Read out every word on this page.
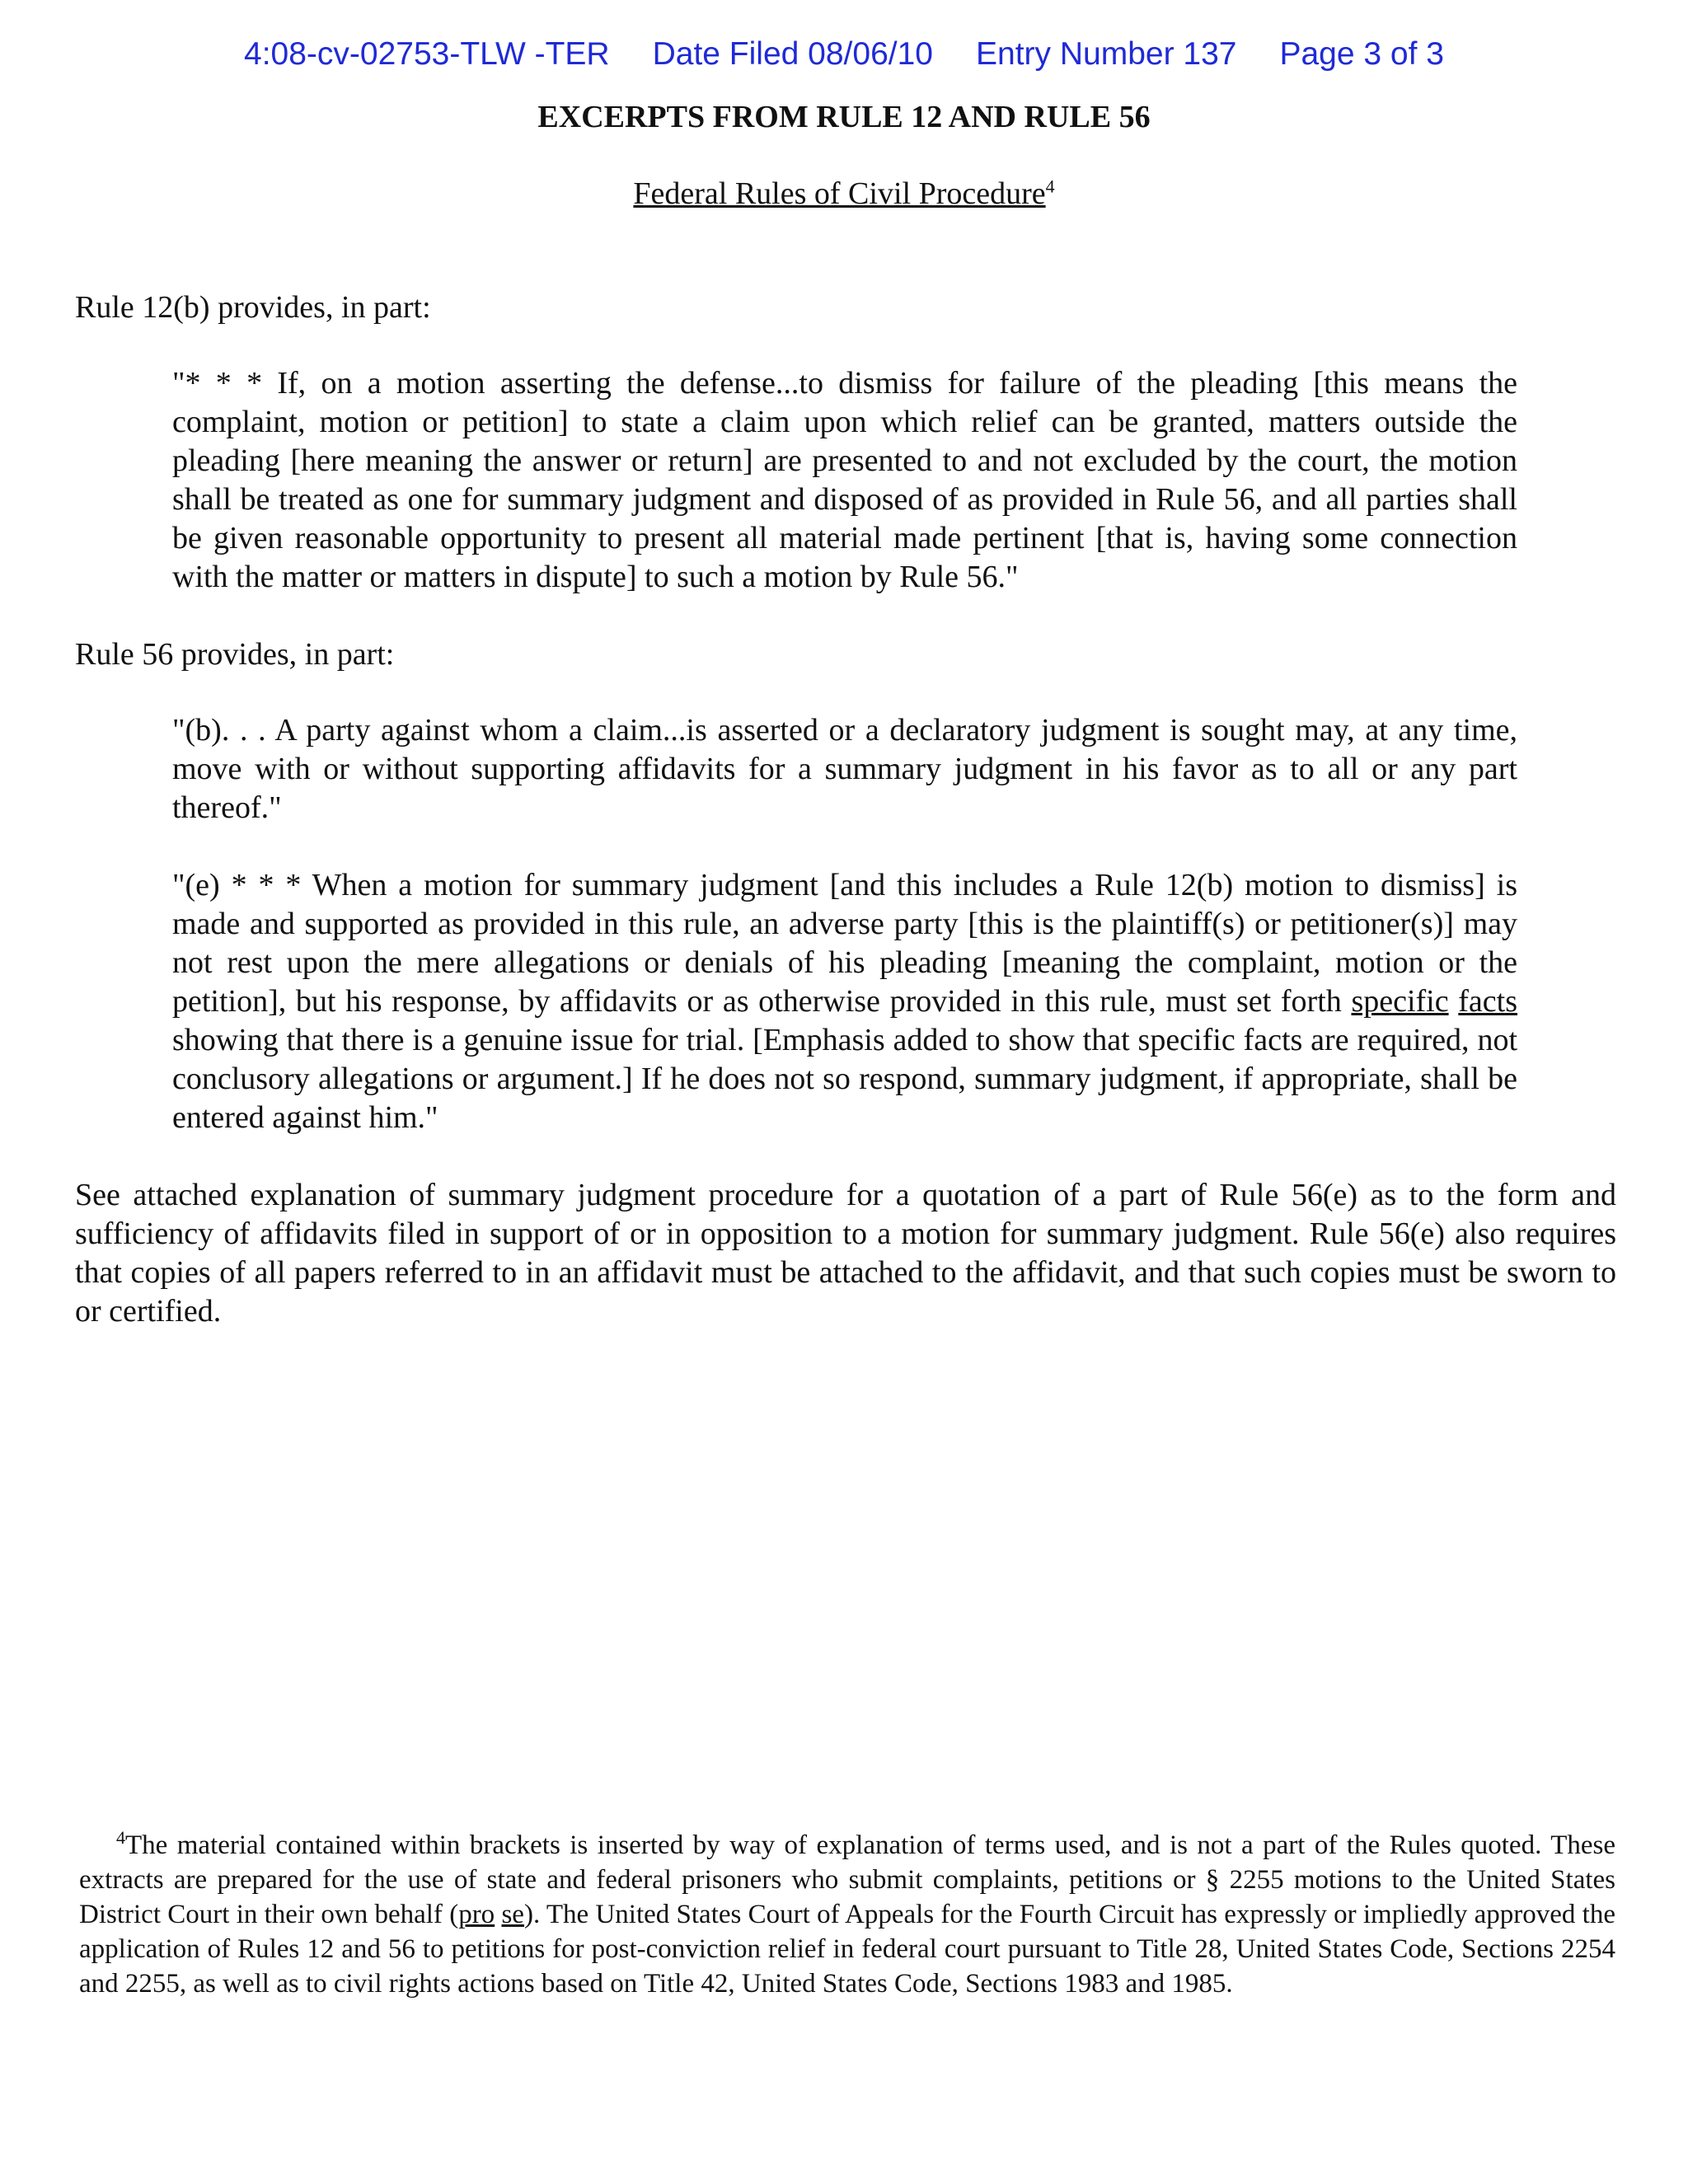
4:08-cv-02753-TLW -TER Date Filed 08/06/10 Entry Number 137 Page 3 of 3
EXCERPTS FROM RULE 12 AND RULE 56
Federal Rules of Civil Procedure$^4$
Rule 12(b) provides, in part:
"* * * If, on a motion asserting the defense...to dismiss for failure of the pleading [this means the complaint, motion or petition] to state a claim upon which relief can be granted, matters outside the pleading [here meaning the answer or return] are presented to and not excluded by the court, the motion shall be treated as one for summary judgment and disposed of as provided in Rule 56, and all parties shall be given reasonable opportunity to present all material made pertinent [that is, having some connection with the matter or matters in dispute] to such a motion by Rule 56."
Rule 56 provides, in part:
"(b). . . A party against whom a claim...is asserted or a declaratory judgment is sought may, at any time, move with or without supporting affidavits for a summary judgment in his favor as to all or any part thereof."
"(e) * * * When a motion for summary judgment [and this includes a Rule 12(b) motion to dismiss] is made and supported as provided in this rule, an adverse party [this is the plaintiff(s) or petitioner(s)] may not rest upon the mere allegations or denials of his pleading [meaning the complaint, motion or the petition], but his response, by affidavits or as otherwise provided in this rule, must set forth specific facts showing that there is a genuine issue for trial. [Emphasis added to show that specific facts are required, not conclusory allegations or argument.] If he does not so respond, summary judgment, if appropriate, shall be entered against him."
See attached explanation of summary judgment procedure for a quotation of a part of Rule 56(e) as to the form and sufficiency of affidavits filed in support of or in opposition to a motion for summary judgment. Rule 56(e) also requires that copies of all papers referred to in an affidavit must be attached to the affidavit, and that such copies must be sworn to or certified.
$^4$The material contained within brackets is inserted by way of explanation of terms used, and is not a part of the Rules quoted. These extracts are prepared for the use of state and federal prisoners who submit complaints, petitions or § 2255 motions to the United States District Court in their own behalf (pro se). The United States Court of Appeals for the Fourth Circuit has expressly or impliedly approved the application of Rules 12 and 56 to petitions for post-conviction relief in federal court pursuant to Title 28, United States Code, Sections 2254 and 2255, as well as to civil rights actions based on Title 42, United States Code, Sections 1983 and 1985.
